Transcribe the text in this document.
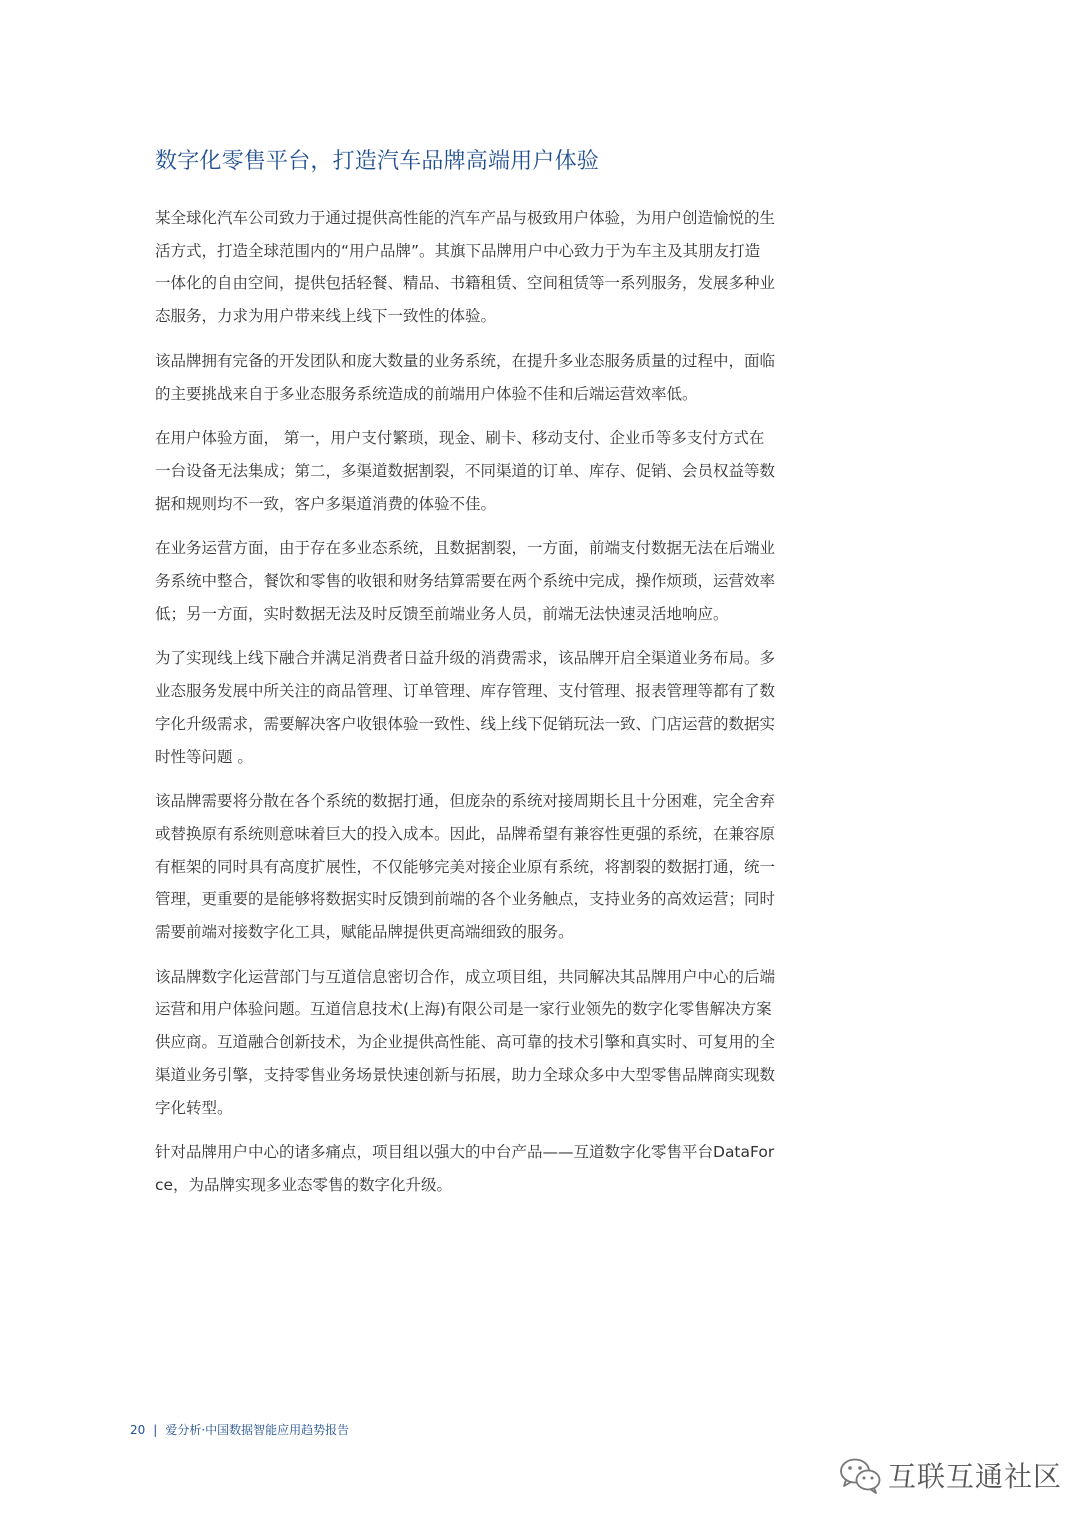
数字化零售平台，打造汽车品牌高端用户体验

某全球化汽车公司致力于通过提供高性能的汽车产品与极致用户体验，为用户创造愉悦的生活方式，打造全球范围内的“用户品牌”。其旗下品牌用户中心致力于为车主及其朋友打造一体化的自由空间，提供包括轻餐、精品、书籍租赁、空间租赁等一系列服务，发展多种业态服务，力求为用户带来线上线下一致性的体验。

该品牌拥有完备的开发团队和庞大数量的业务系统，在提升多业态服务质量的过程中，面临的主要挑战来自于多业态服务系统造成的前端用户体验不佳和后端运营效率低。

在用户体验方面， 第一，用户支付繁琐，现金、刷卡、移动支付、企业币等多支付方式在一台设备无法集成；第二，多渠道数据割裂，不同渠道的订单、库存、促销、会员权益等数据和规则均不一致，客户多渠道消费的体验不佳。

在业务运营方面，由于存在多业态系统，且数据割裂，一方面，前端支付数据无法在后端业务系统中整合，餐饮和零售的收银和财务结算需要在两个系统中完成，操作烦琐，运营效率低；另一方面，实时数据无法及时反馈至前端业务人员，前端无法快速灵活地响应。

为了实现线上线下融合并满足消费者日益升级的消费需求，该品牌开启全渠道业务布局。多业态服务发展中所关注的商品管理、订单管理、库存管理、支付管理、报表管理等都有了数字化升级需求，需要解决客户收银体验一致性、线上线下促销玩法一致、门店运营的数据实时性等问题 。

该品牌需要将分散在各个系统的数据打通，但庞杂的系统对接周期长且十分困难，完全舍弃或替换原有系统则意味着巨大的投入成本。因此，品牌希望有兼容性更强的系统，在兼容原有框架的同时具有高度扩展性，不仅能够完美对接企业原有系统，将割裂的数据打通，统一管理，更重要的是能够将数据实时反馈到前端的各个业务触点，支持业务的高效运营；同时需要前端对接数字化工具，赋能品牌提供更高端细致的服务。

该品牌数字化运营部门与互道信息密切合作，成立项目组，共同解决其品牌用户中心的后端运营和用户体验问题。互道信息技术(上海)有限公司是一家行业领先的数字化零售解决方案供应商。互道融合创新技术，为企业提供高性能、高可靠的技术引擎和真实时、可复用的全渠道业务引擎，支持零售业务场景快速创新与拓展，助力全球众多中大型零售品牌商实现数字化转型。

针对品牌用户中心的诸多痛点，项目组以强大的中台产品——互道数字化零售平台DataForce，为品牌实现多业态零售的数字化升级。

20 | 爱分析·中国数据智能应用趋势报告
互联互通社区
